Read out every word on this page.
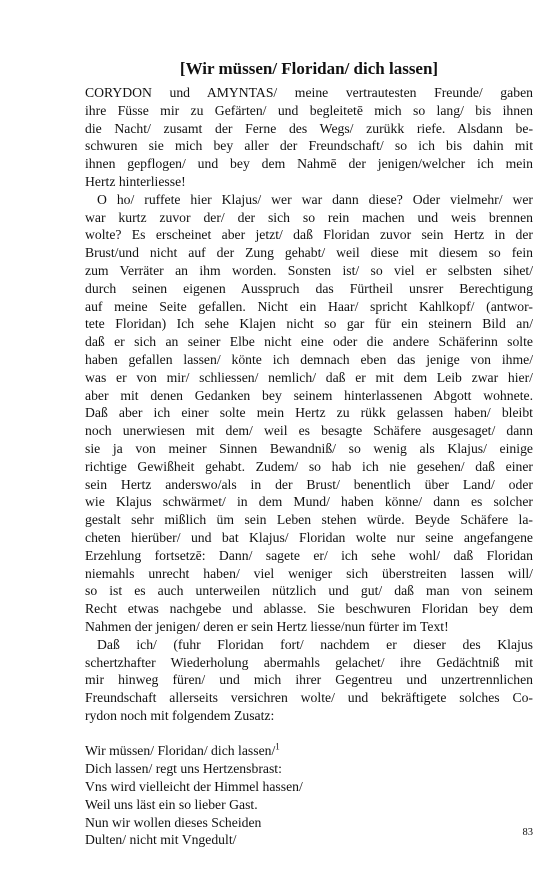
[Wir müssen/ Floridan/ dich lassen]
CORYDON und AMYNTAS/ meine vertrautesten Freunde/ gaben
ihre Füsse mir zu Gefärten/ und begleitetē mich so lang/ bis ihnen
die Nacht/ zusamt der Ferne des Wegs/ zurükk riefe. Alsdann be-
schwuren sie mich bey aller der Freundschaft/ so ich bis dahin mit
ihnen gepflogen/ und bey dem Nahmē der jenigen/welcher ich mein
Hertz hinterliesse!
O ho/ ruffete hier Klajus/ wer war dann diese? Oder vielmehr/ wer
war kurtz zuvor der/ der sich so rein machen und weis brennen
wolte? Es erscheinet aber jetzt/ daß Floridan zuvor sein Hertz in der
Brust/und nicht auf der Zung gehabt/ weil diese mit diesem so fein
zum Verräter an ihm worden. Sonsten ist/ so viel er selbsten sihet/
durch seinen eigenen Ausspruch das Fürtheil unsrer Berechtigung
auf meine Seite gefallen. Nicht ein Haar/ spricht Kahlkopf/ (antwor-
tete Floridan) Ich sehe Klajen nicht so gar für ein steinern Bild an/
daß er sich an seiner Elbe nicht eine oder die andere Schäferinn solte
haben gefallen lassen/ könte ich demnach eben das jenige von ihme/
was er von mir/ schliessen/ nemlich/ daß er mit dem Leib zwar hier/
aber mit denen Gedanken bey seinem hinterlassenen Abgott wohnete.
Daß aber ich einer solte mein Hertz zu rükk gelassen haben/ bleibt
noch unerwiesen mit dem/ weil es besagte Schäfere ausgesaget/ dann
sie ja von meiner Sinnen Bewandniß/ so wenig als Klajus/ einige
richtige Gewißheit gehabt. Zudem/ so hab ich nie gesehen/ daß einer
sein Hertz anderswo/als in der Brust/ benentlich über Land/ oder
wie Klajus schwärmet/ in dem Mund/ haben könne/ dann es solcher
gestalt sehr mißlich üm sein Leben stehen würde. Beyde Schäfere la-
cheten hierüber/ und bat Klajus/ Floridan wolte nur seine angefangene
Erzehlung fortsetzē: Dann/ sagete er/ ich sehe wohl/ daß Floridan
niemahls unrecht haben/ viel weniger sich überstreiten lassen will/
so ist es auch unterweilen nützlich und gut/ daß man von seinem
Recht etwas nachgebe und ablasse. Sie beschwuren Floridan bey dem
Nahmen der jenigen/ deren er sein Hertz liesse/nun fürter im Text!
Daß ich/ (fuhr Floridan fort/ nachdem er dieser des Klajus
schertzhafter Wiederholung abermahls gelachet/ ihre Gedächtniß mit
mir hinweg füren/ und mich ihrer Gegentreu und unzertrennlichen
Freundschaft allerseits versichren wolte/ und bekräftigete solches Co-
rydon noch mit folgendem Zusatz:
Wir müssen/ Floridan/ dich lassen/$^1$
Dich lassen/ regt uns Hertzensbrast:
Vns wird vielleicht der Himmel hassen/
Weil uns läst ein so lieber Gast.
Nun wir wollen dieses Scheiden
Dulten/ nicht mit Vngedult/	83
